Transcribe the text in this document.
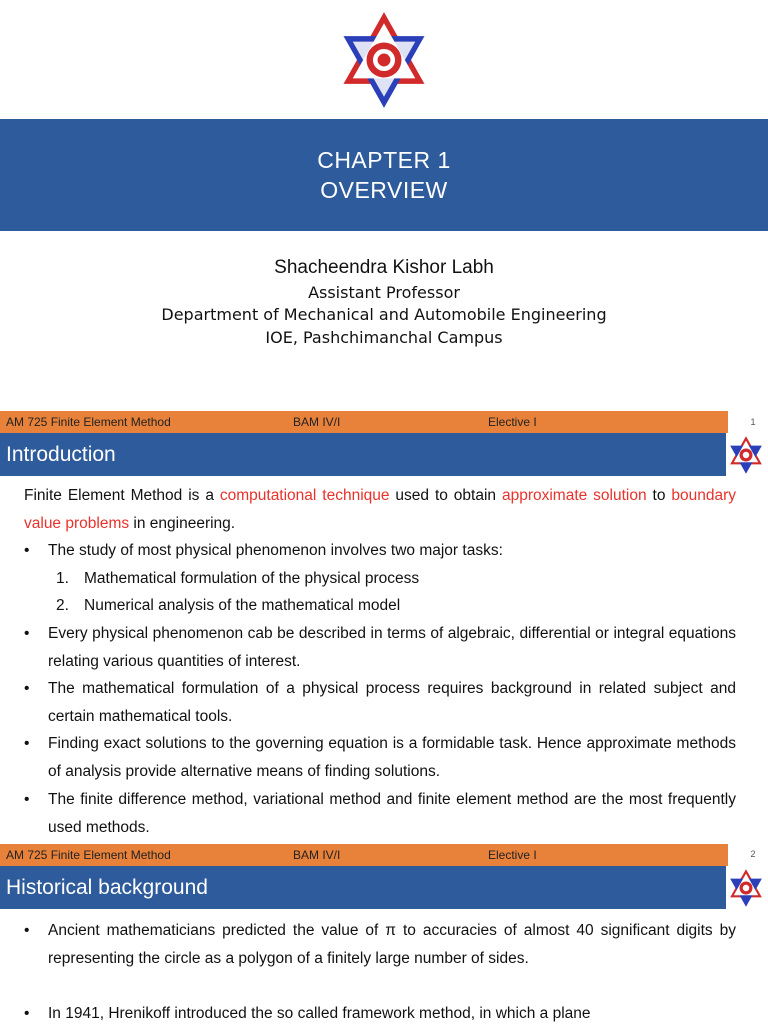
CHAPTER 1
OVERVIEW
Shacheendra Kishor Labh
Assistant Professor
Department of Mechanical and Automobile Engineering
IOE, Pashchimanchal Campus
AM 725 Finite Element Method	BAM IV/I	Elective I	1
Introduction
Finite Element Method is a computational technique used to obtain approximate solution to boundary value problems in engineering.
• The study of most physical phenomenon involves two major tasks:
1. Mathematical formulation of the physical process
2. Numerical analysis of the mathematical model
• Every physical phenomenon cab be described in terms of algebraic, differential or integral equations relating various quantities of interest.
• The mathematical formulation of a physical process requires background in related subject and certain mathematical tools.
• Finding exact solutions to the governing equation is a formidable task. Hence approximate methods of analysis provide alternative means of finding solutions.
• The finite difference method, variational method and finite element method are the most frequently used methods.
AM 725 Finite Element Method	BAM IV/I	Elective I	2
Historical background
• Ancient mathematicians predicted the value of π to accuracies of almost 40 significant digits by representing the circle as a polygon of a finitely large number of sides.
• In 1941, Hrenikoff introduced the so called framework method, in which a plane
